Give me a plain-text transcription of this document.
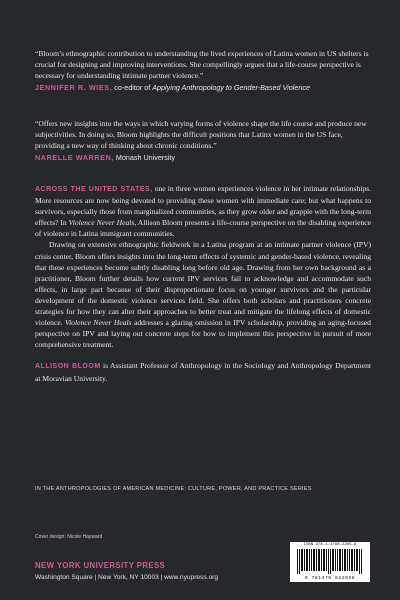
“Bloom’s ethnographic contribution to understanding the lived experiences of Latina women in US shelters is crucial for designing and improving interventions. She compellingly argues that a life-course perspective is necessary for understanding intimate partner violence.”
JENNIFER R. WIES, co-editor of Applying Anthropology to Gender-Based Violence

“Offers new insights into the ways in which varying forms of violence shape the life course and produce new subjectivities. In doing so, Bloom highlights the difficult positions that Latinx women in the US face, providing a new way of thinking about chronic conditions.”
NARELLE WARREN, Monash University

ACROSS THE UNITED STATES, one in three women experiences violence in her intimate relationships. More resources are now being devoted to providing these women with immediate care; but what happens to survivors, especially those from marginalized communities, as they grow older and grapple with the long-term effects? In Violence Never Heals, Allison Bloom presents a life-course perspective on the disabling experience of violence in Latina immigrant communities.

Drawing on extensive ethnographic fieldwork in a Latina program at an intimate partner violence (IPV) crisis center, Bloom offers insights into the long-term effects of systemic and gender-based violence, revealing that these experiences become subtly disabling long before old age. Drawing from her own background as a practitioner, Bloom further details how current IPV services fail to acknowledge and accommodate such effects, in large part because of their disproportionate focus on younger survivors and the particular development of the domestic violence services field. She offers both scholars and practitioners concrete strategies for how they can alter their approaches to better treat and mitigate the lifelong effects of domestic violence. Violence Never Heals addresses a glaring omission in IPV scholarship, providing an aging-focused perspective on IPV and laying out concrete steps for how to implement this perspective in pursuit of more comprehensive treatment.

ALLISON BLOOM is Assistant Professor of Anthropology in the Sociology and Anthropology Department at Moravian University.

IN THE ANTHROPOLOGIES OF AMERICAN MEDICINE: CULTURE, POWER, AND PRACTICE SERIES
Cover design: Nicole Hayward
NEW YORK UNIVERSITY PRESS
Washington Square | New York, NY 10003 | www.nyupress.org
ISBN 978-1-4798-2285-8
9 781479 822058
